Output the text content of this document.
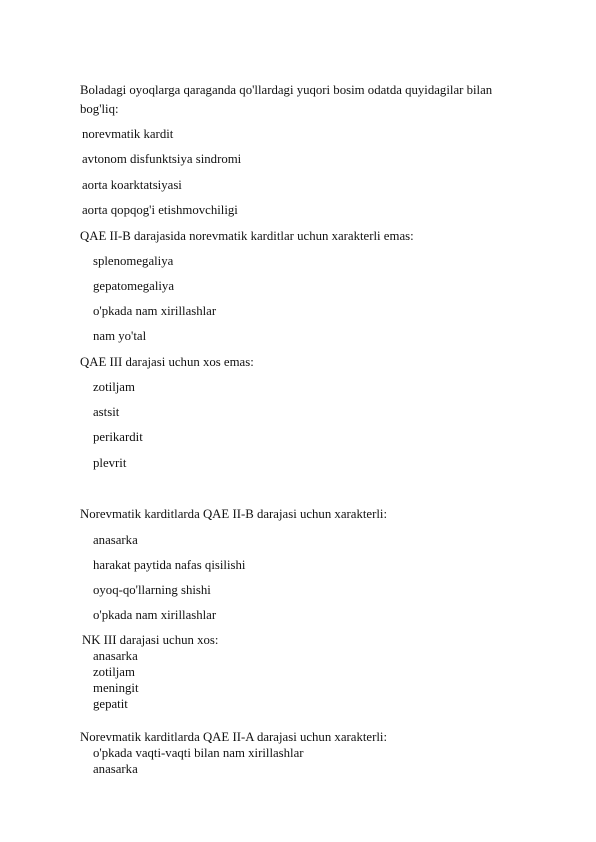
Boladagi oyoqlarga qaraganda qo'llardagi yuqori bosim odatda quyidagilar bilan
bog'liq:
norevmatik kardit
avtonom disfunktsiya sindromi
aorta koarktatsiyasi
aorta qopqog'i etishmovchiligi
QAE II-B darajasida norevmatik karditlar uchun xarakterli emas:
splenomegaliya
gepatomegaliya
o'pkada nam xirillashlar
nam yo'tal
QAE III darajasi uchun xos emas:
zotiljam
astsit
perikardit
plevrit
Norevmatik karditlarda QAE II-B darajasi uchun xarakterli:
anasarka
harakat paytida nafas qisilishi
oyoq-qo'llarning shishi
o'pkada nam xirillashlar
NK III darajasi uchun xos:
anasarka
zotiljam
meningit
gepatit
Norevmatik karditlarda QAE II-A darajasi uchun xarakterli:
o'pkada vaqti-vaqti bilan nam xirillashlar
anasarka
